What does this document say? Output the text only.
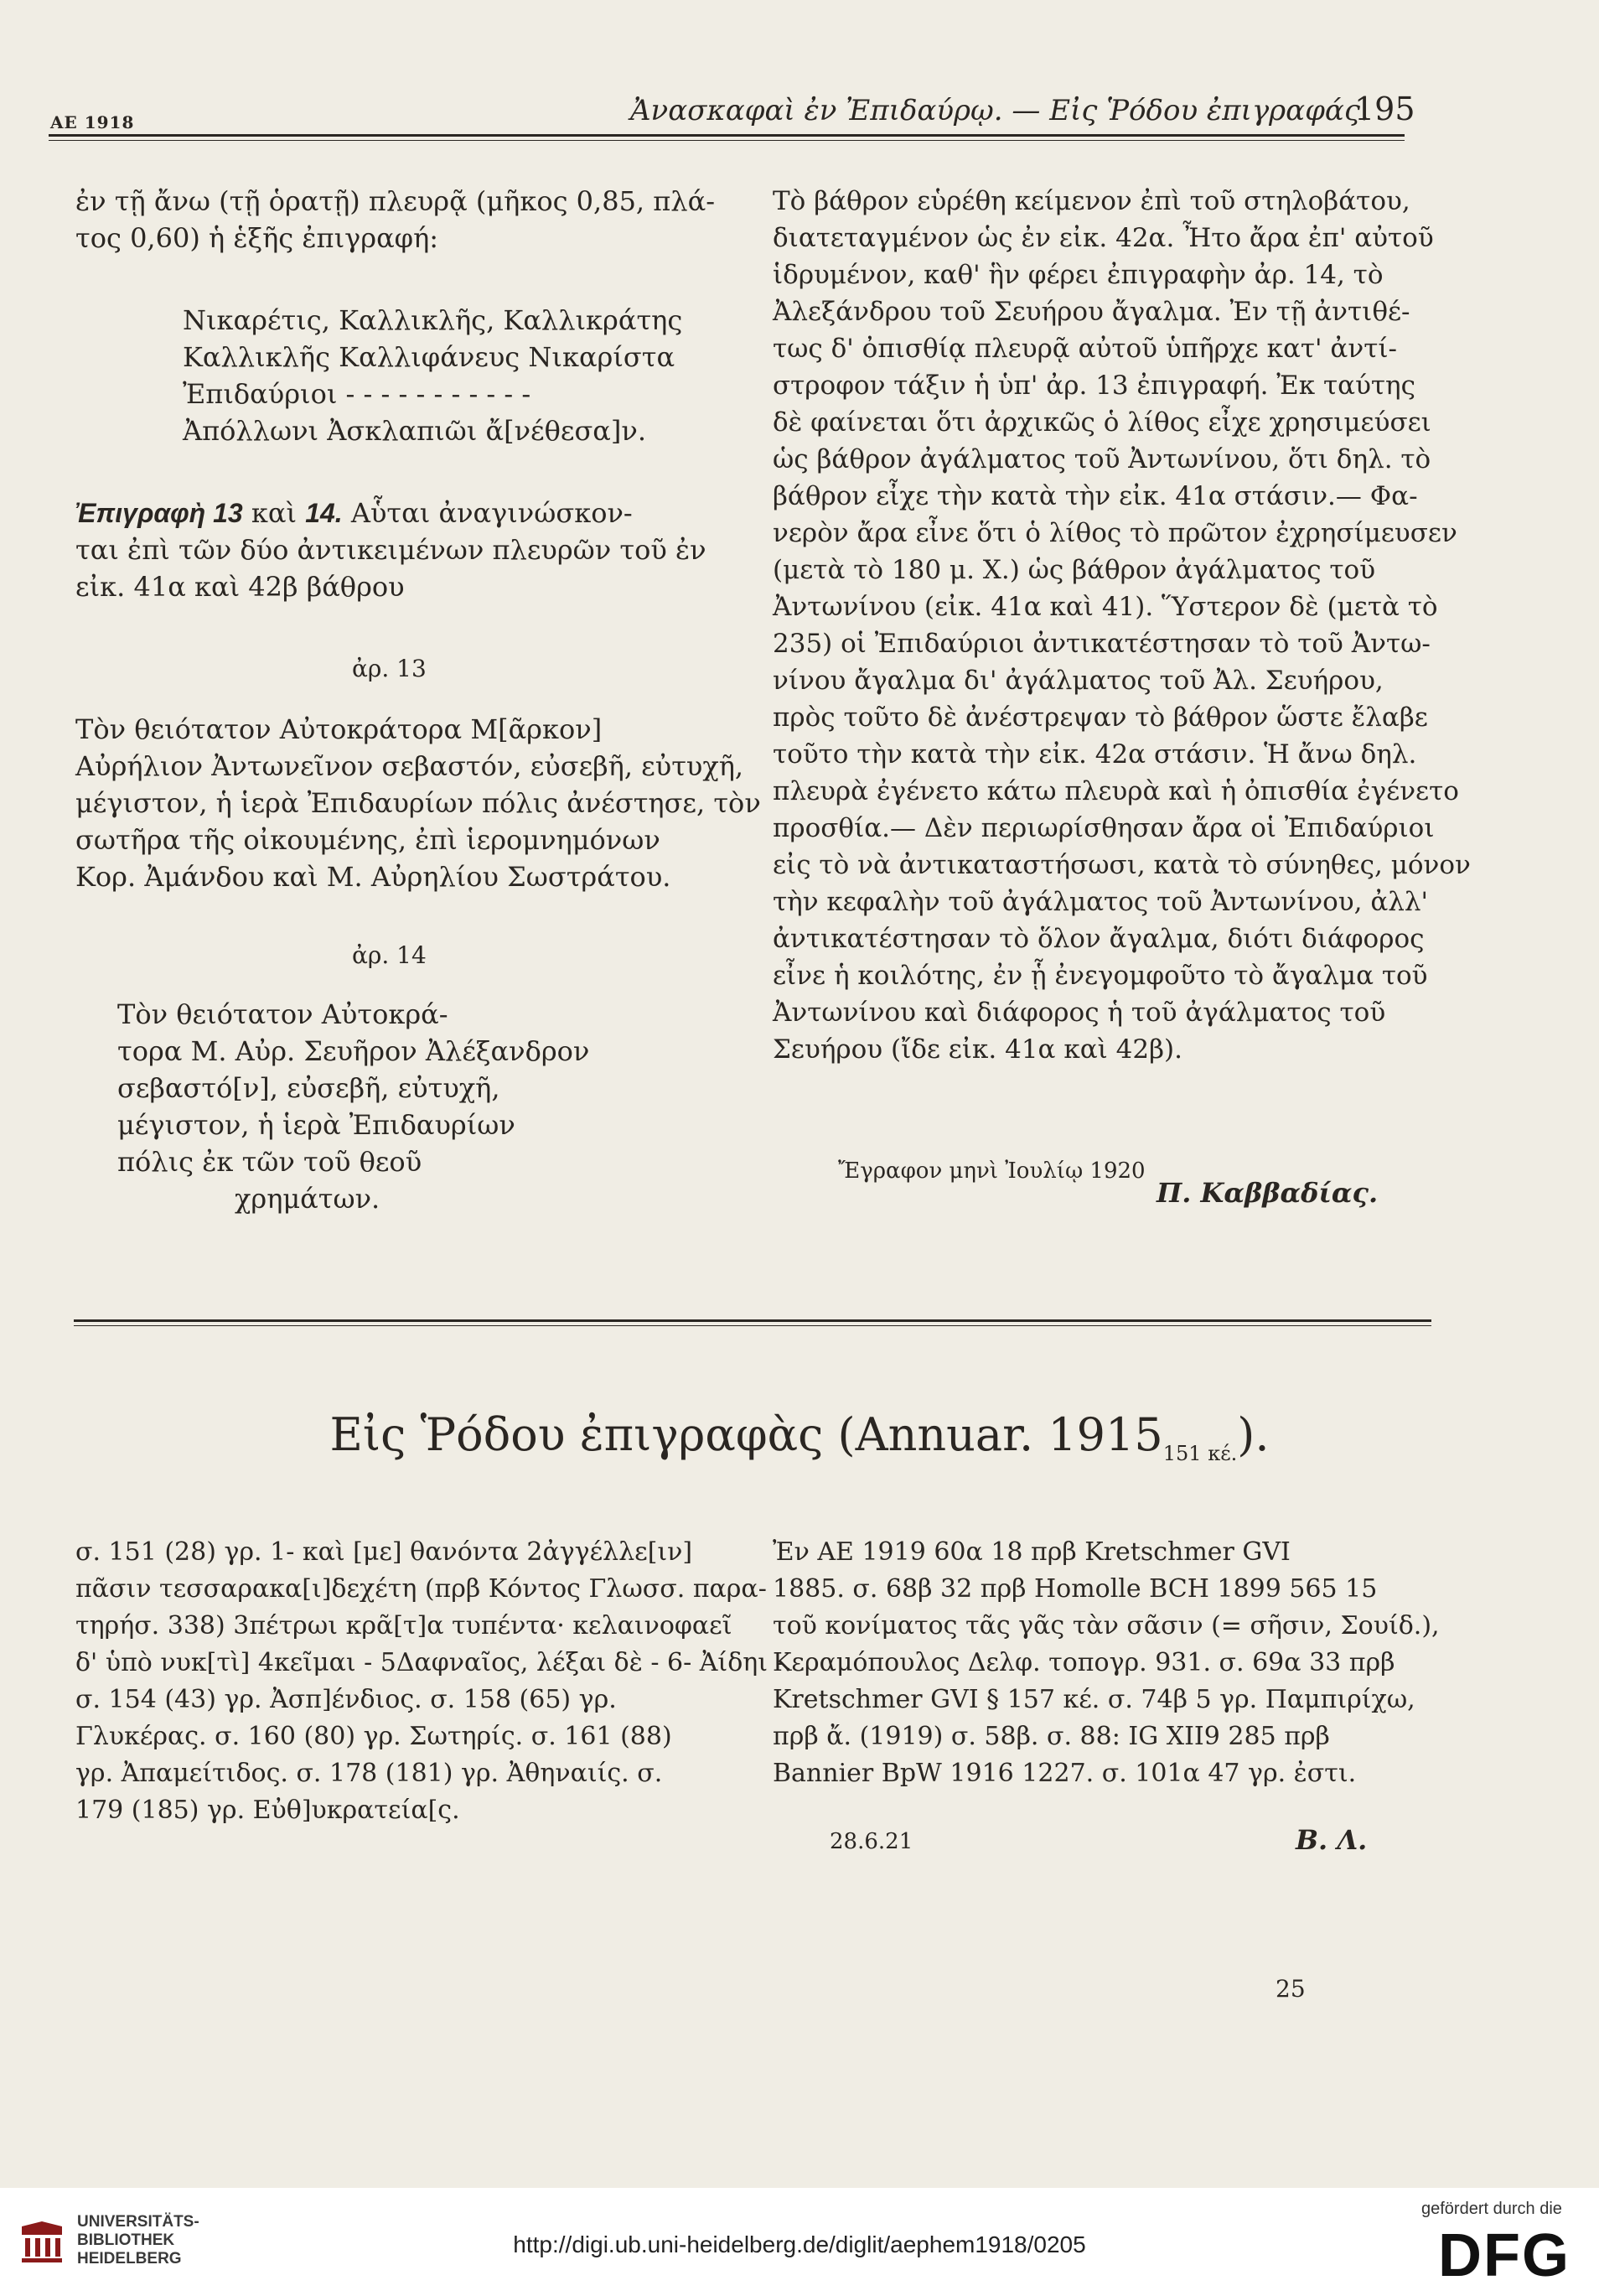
ΑΕ 1918	Ἀνασκαφαὶ ἐν Ἐπιδαύρῳ. — Εἰς Ῥόδου ἐπιγραφάς.
195

ἐν τῇ ἄνω (τῇ ὁρατῇ) πλευρᾷ (μῆκος 0,85, πλά-

τος 0,60) ἡ ἑξῆς ἐπιγραφή:

Νικαρέτις, Καλλικλῆς, Καλλικράτης

Καλλικλῆς Καλλιφάνευς Νικαρίστα

Ἐπιδαύριοι - - - - - - - - - - -

Ἀπόλλωνι Ἀσκλαπιῶι ἄ[νέθεσα]ν.

Ἐπιγραφὴ 13 καὶ 14. Αὗται ἀναγινώσκον-

ται ἐπὶ τῶν δύο ἀντικειμένων πλευρῶν τοῦ ἐν

εἰκ. 41α καὶ 42β βάθρου

ἀρ. 13

Τὸν θειότατον Αὐτοκράτορα Μ[ᾶρκον]

Αὐρήλιον Ἀντωνεῖνον σεβαστόν, εὐσεβῆ, εὐτυχῆ,

μέγιστον, ἡ ἱερὰ Ἐπιδαυρίων πόλις ἀνέστησε, τὸν

σωτῆρα τῆς οἰκουμένης, ἐπὶ ἱερομνημόνων

Κορ. Ἀμάνδου καὶ Μ. Αὐρηλίου Σωστράτου.

ἀρ. 14

Τὸν θειότατον Αὐτοκρά-

τορα Μ. Αὐρ. Σευῆρον Ἀλέξανδρον

σεβαστό[ν], εὐσεβῆ, εὐτυχῆ,

μέγιστον, ἡ ἱερὰ Ἐπιδαυρίων

πόλις ἐκ τῶν τοῦ θεοῦ

χρημάτων.

Τὸ βάθρον εὑρέθη κείμενον ἐπὶ τοῦ στηλοβάτου,

διατεταγμένον ὡς ἐν εἰκ. 42α. Ἦτο ἄρα ἐπ' αὐτοῦ

ἱδρυμένον, καθ' ἣν φέρει ἐπιγραφὴν ἀρ. 14, τὸ

Ἀλεξάνδρου τοῦ Σευήρου ἄγαλμα. Ἐν τῇ ἀντιθέ-

τως δ' ὀπισθίᾳ πλευρᾷ αὐτοῦ ὑπῆρχε κατ' ἀντί-

στροφον τάξιν ἡ ὑπ' ἀρ. 13 ἐπιγραφή. Ἐκ ταύτης

δὲ φαίνεται ὅτι ἀρχικῶς ὁ λίθος εἶχε χρησιμεύσει

ὡς βάθρον ἀγάλματος τοῦ Ἀντωνίνου, ὅτι δηλ. τὸ

βάθρον εἶχε τὴν κατὰ τὴν εἰκ. 41α στάσιν.— Φα-

νερὸν ἄρα εἶνε ὅτι ὁ λίθος τὸ πρῶτον ἐχρησίμευσεν

(μετὰ τὸ 180 μ. Χ.) ὡς βάθρον ἀγάλματος τοῦ

Ἀντωνίνου (εἰκ. 41α καὶ 41). Ὕστερον δὲ (μετὰ τὸ

235) οἱ Ἐπιδαύριοι ἀντικατέστησαν τὸ τοῦ Ἀντω-

νίνου ἄγαλμα δι' ἀγάλματος τοῦ Ἀλ. Σευήρου,

πρὸς τοῦτο δὲ ἀνέστρεψαν τὸ βάθρον ὥστε ἔλαβε

τοῦτο τὴν κατὰ τὴν εἰκ. 42α στάσιν. Ἡ ἄνω δηλ.

πλευρὰ ἐγένετο κάτω πλευρὰ καὶ ἡ ὀπισθία ἐγένετο

προσθία.— Δὲν περιωρίσθησαν ἄρα οἱ Ἐπιδαύριοι

εἰς τὸ νὰ ἀντικαταστήσωσι, κατὰ τὸ σύνηθες, μόνον

τὴν κεφαλὴν τοῦ ἀγάλματος τοῦ Ἀντωνίνου, ἀλλ'

ἀντικατέστησαν τὸ ὅλον ἄγαλμα, διότι διάφορος

εἶνε ἡ κοιλότης, ἐν ᾗ ἐνεγομφοῦτο τὸ ἄγαλμα τοῦ

Ἀντωνίνου καὶ διάφορος ἡ τοῦ ἀγάλματος τοῦ

Σευήρου (ἴδε εἰκ. 41α καὶ 42β).

Ἔγραφον μηνὶ Ἰουλίῳ 1920
Π. Καββαδίας.
Εἰς Ῥόδου ἐπιγραφὰς (Annuar. $1915_{151 \kappa έ.}$).

σ. 151 (28) γρ. 1- καὶ [με] θανόντα 2ἀγγέλλε[ιν]

πᾶσιν τεσσαρακα[ι]δεχέτη (πρβ Κόντος Γλωσσ. παρα-

τηρήσ. 338) 3πέτρωι κρᾶ[τ]α τυπέντα· κελαινοφαεῖ

δ' ὑπὸ νυκ[τὶ] 4κεῖμαι - 5Δαφναῖος, λέξαι δὲ - 6- Ἀίδηι -.

σ. 154 (43) γρ. Ἀσπ]ένδιος. σ. 158 (65) γρ.

Γλυκέρας. σ. 160 (80) γρ. Σωτηρίς. σ. 161 (88)

γρ. Ἀπαμείτιδος. σ. 178 (181) γρ. Ἀθηναιίς. σ.

179 (185) γρ. Εὐθ]υκρατεία[ς.

Ἐν ΑΕ 1919 60α 18 πρβ Kretschmer GVI

1885. σ. 68β 32 πρβ Homolle BCH 1899 565 15

τοῦ κονίματος τᾶς γᾶς τὰν σᾶσιν (= σῆσιν, Σουίδ.),

Κεραμόπουλος Δελφ. τοπογρ. 931. σ. 69α 33 πρβ

Kretschmer GVI § 157 κέ. σ. 74β 5 γρ. Παμπιρίχω,

πρβ ἄ. (1919) σ. 58β. σ. 88: IG XII9 285 πρβ

Bannier BpW 1916 1227. σ. 101α 47 γρ. ἐστι.

28.6.21	Β. Λ.
25
UNIVERSITÄTS-
BIBLIOTHEK
HEIDELBERG
http://digi.ub.uni-heidelberg.de/diglit/aephem1918/0205
gefördert durch die
DFG
